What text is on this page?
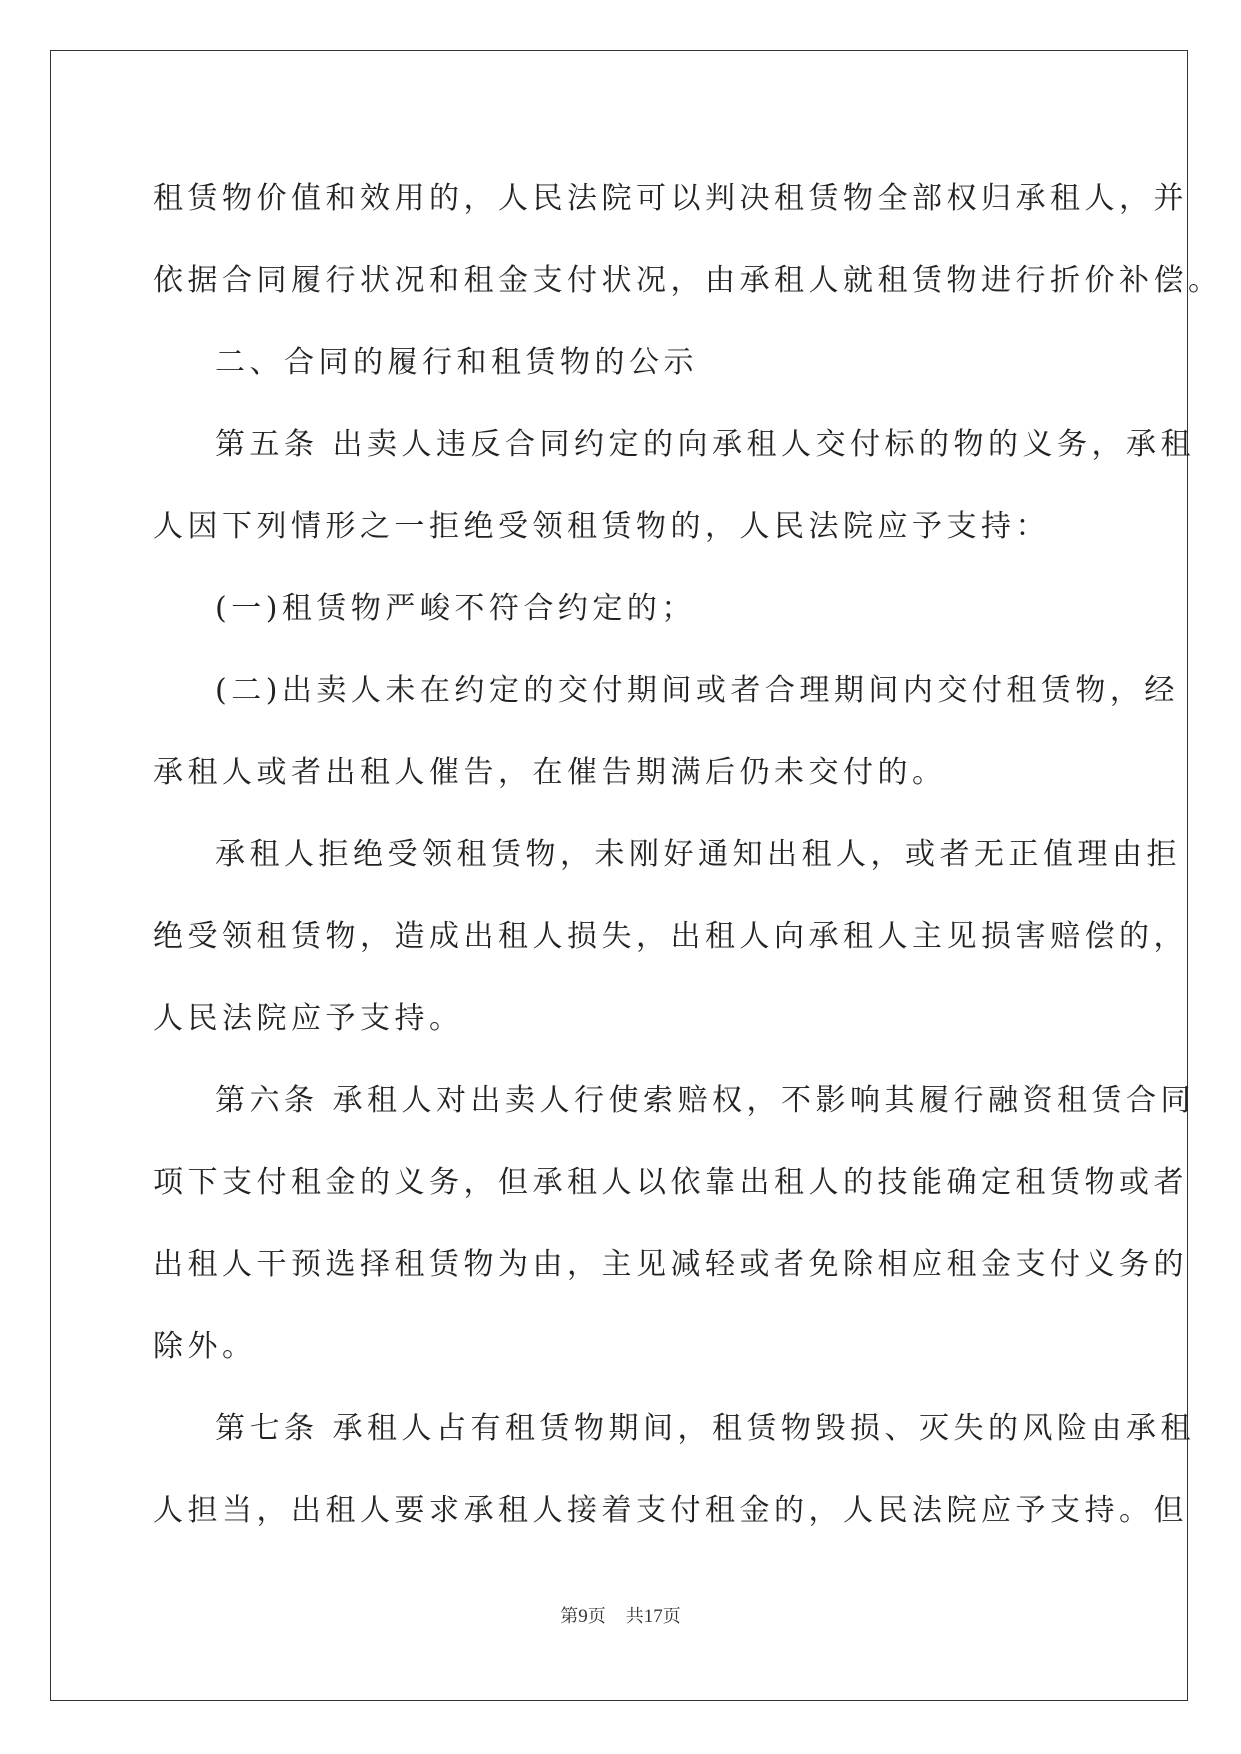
租赁物价值和效用的，人民法院可以判决租赁物全部权归承租人，并
依据合同履行状况和租金支付状况，由承租人就租赁物进行折价补偿。
二、合同的履行和租赁物的公示
第五条 出卖人违反合同约定的向承租人交付标的物的义务，承租
人因下列情形之一拒绝受领租赁物的，人民法院应予支持：
(一)租赁物严峻不符合约定的；
(二)出卖人未在约定的交付期间或者合理期间内交付租赁物，经
承租人或者出租人催告，在催告期满后仍未交付的。
承租人拒绝受领租赁物，未刚好通知出租人，或者无正值理由拒
绝受领租赁物，造成出租人损失，出租人向承租人主见损害赔偿的，
人民法院应予支持。
第六条 承租人对出卖人行使索赔权，不影响其履行融资租赁合同
项下支付租金的义务，但承租人以依靠出租人的技能确定租赁物或者
出租人干预选择租赁物为由，主见减轻或者免除相应租金支付义务的
除外。
第七条 承租人占有租赁物期间，租赁物毁损、灭失的风险由承租
人担当，出租人要求承租人接着支付租金的，人民法院应予支持。但
第9页 共17页
